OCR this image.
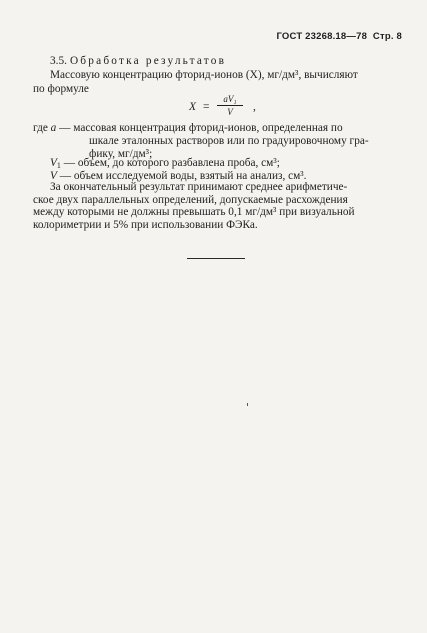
ГОСТ 23268.18—78 Стр. 8
3.5. Обработка результатов
Массовую концентрацию фторид-ионов (X), мг/дм³, вычисляют
по формуле
X =
aV₁
V	,
где a — массовая концентрация фторид-ионов, определенная по
шкале эталонных растворов или по градуировочному гра-
фику, мг/дм³;
$V_1$ — объем, до которого разбавлена проба, см³;
V — объем исследуемой воды, взятый на анализ, см³.
За окончательный результат принимают среднее арифметиче-
ское двух параллельных определений, допускаемые расхождения
между которыми не должны превышать 0,1 мг/дм³ при визуальной
колориметрии и 5% при использовании ФЭКа.
